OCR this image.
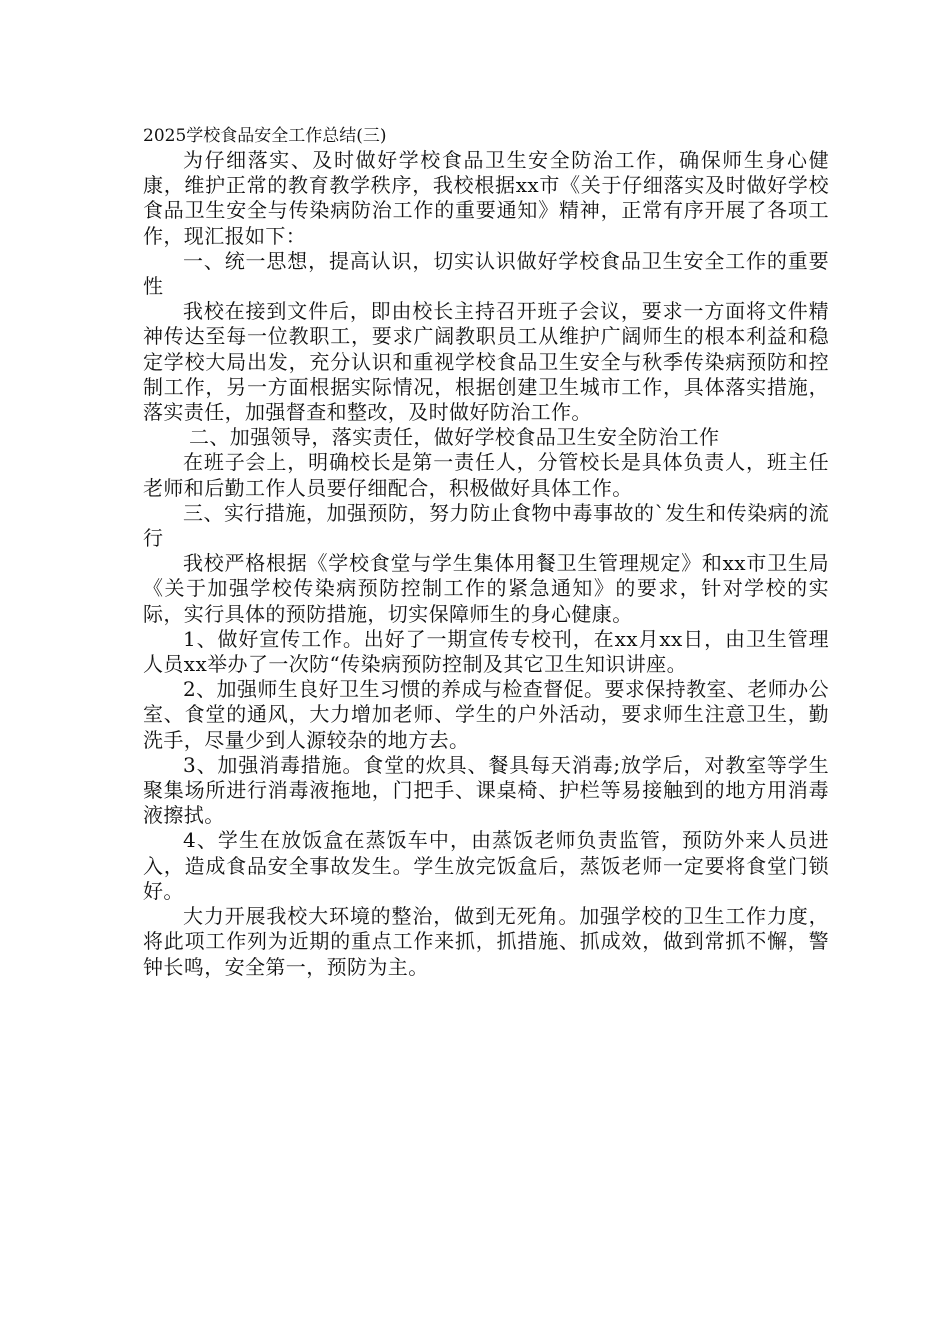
2025学校食品安全工作总结(三)

为仔细落实、及时做好学校食品卫生安全防治工作，确保师生身心健康，维护正常的教育教学秩序，我校根据xx市《关于仔细落实及时做好学校食品卫生安全与传染病防治工作的重要通知》精神，正常有序开展了各项工作，现汇报如下：

一、统一思想，提高认识，切实认识做好学校食品卫生安全工作的重要性

我校在接到文件后，即由校长主持召开班子会议，要求一方面将文件精神传达至每一位教职工，要求广阔教职员工从维护广阔师生的根本利益和稳定学校大局出发，充分认识和重视学校食品卫生安全与秋季传染病预防和控制工作，另一方面根据实际情况，根据创建卫生城市工作，具体落实措施，落实责任，加强督查和整改，及时做好防治工作。

二、加强领导，落实责任，做好学校食品卫生安全防治工作

在班子会上，明确校长是第一责任人，分管校长是具体负责人，班主任老师和后勤工作人员要仔细配合，积极做好具体工作。

三、实行措施，加强预防，努力防止食物中毒事故的`发生和传染病的流行

我校严格根据《学校食堂与学生集体用餐卫生管理规定》和xx市卫生局《关于加强学校传染病预防控制工作的紧急通知》的要求，针对学校的实际，实行具体的预防措施，切实保障师生的身心健康。

1、做好宣传工作。出好了一期宣传专校刊，在xx月xx日，由卫生管理人员xx举办了一次防“传染病预防控制及其它卫生知识讲座。

2、加强师生良好卫生习惯的养成与检查督促。要求保持教室、老师办公室、食堂的通风，大力增加老师、学生的户外活动，要求师生注意卫生，勤洗手，尽量少到人源较杂的地方去。

3、加强消毒措施。食堂的炊具、餐具每天消毒;放学后，对教室等学生聚集场所进行消毒液拖地，门把手、课桌椅、护栏等易接触到的地方用消毒液擦拭。

4、学生在放饭盒在蒸饭车中，由蒸饭老师负责监管，预防外来人员进入，造成食品安全事故发生。学生放完饭盒后，蒸饭老师一定要将食堂门锁好。

大力开展我校大环境的整治，做到无死角。加强学校的卫生工作力度，将此项工作列为近期的重点工作来抓，抓措施、抓成效，做到常抓不懈，警钟长鸣，安全第一，预防为主。
